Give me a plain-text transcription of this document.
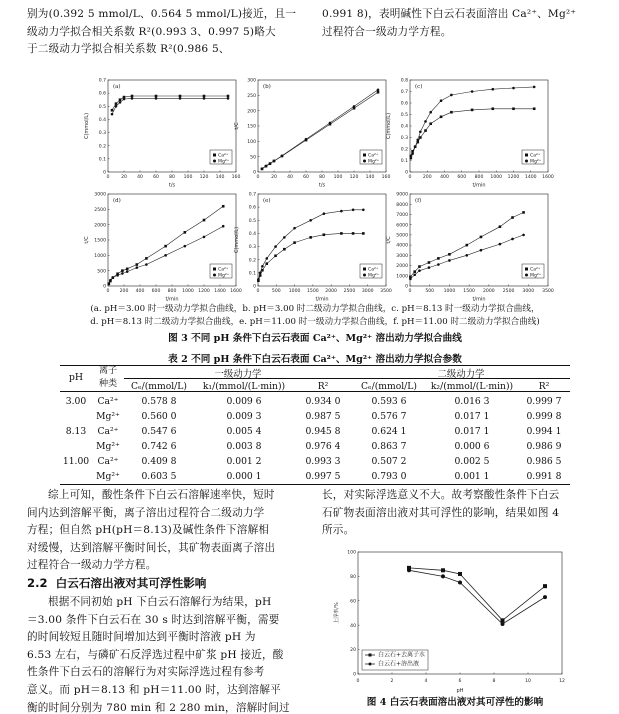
别为(0.392 5 mmol/L、0.564 5 mmol/L)接近，且一

级动力学拟合相关系数 R²(0.993 3、0.997 5)略大

于二级动力学拟合相关系数 R²(0.986 5、

0.991 8)，表明碱性下白云石表面溶出 Ca²⁺、Mg²⁺

过程符合一级动力学方程。

0	20 40 60 80 100 120 140 160
0
0.1
0.2
0.3
0.4
0.5
0.6
0.7
t/s
C(mmol/L)
(a)
Ca²⁺
Mg²⁺
0	20 40 60 80 100 120 140 160
0
50
100
150
200
250
300
t/s
t/C
(b)
Ca²⁺
Mg²⁺
0 200 400 600 800 1000 1200 1400 1600
0
0.1
0.2
0.3
0.4
0.5
0.6
0.7
0.8
t/min
C(mmol/L)
(c)
Ca²⁺
Mg²⁺
0 200 400 600 800 1000 1200 1400 1600
0
500
1000
1500
2000
2500
3000
t/min
t/C
(d)
Ca²⁺
Mg²⁺
0	500 1000 1500 2000 2500 3000 3500
0
0.1
0.2
0.3
0.4
0.5
0.6
0.7
t/min
C(mmol/L)
(e)
Ca²⁺
Mg²⁺
0	500 1000 1500 2000 2500 3000 3500
0
1000
2000
3000
4000
5000
6000
7000
8000
9000
t/min
t/C
(f)
Ca²⁺
Mg²⁺
(a. pH＝3.00 时一级动力学拟合曲线，b. pH＝3.00 时二级动力学拟合曲线，c. pH＝8.13 时一级动力学拟合曲线，
d. pH＝8.13 时二级动力学拟合曲线，e. pH＝11.00 时一级动力学拟合曲线，f. pH＝11.00 时二级动力学拟合曲线)
图 3 不同 pH 条件下白云石表面 Ca²⁺、Mg²⁺ 溶出动力学拟合曲线
表 2 不同 pH 条件下白云石表面 Ca²⁺、Mg²⁺ 溶出动力学拟合参数
pH
离子
种类
一级动力学	二级动力学
		Cₑ/(mmol/L)	k₁/(mmol/(L·min))	R²	Cₑ/(mmol/L)	k₂/(mmol/(L·min))	R²
3.00	Ca²⁺	0.578 8	0.009 6	0.934 0	0.593 6	0.016 3	0.999 7
	Mg²⁺	0.560 0	0.009 3	0.987 5	0.576 7	0.017 1	0.999 8
8.13	Ca²⁺	0.547 6	0.005 4	0.945 8	0.624 1	0.017 1	0.994 1
	Mg²⁺	0.742 6	0.003 8	0.976 4	0.863 7	0.000 6	0.986 9
11.00	Ca²⁺	0.409 8	0.001 2	0.993 3	0.507 2	0.002 5	0.986 5
	Mg²⁺	0.603 5	0.000 1	0.997 5	0.793 0	0.001 1	0.991 8

综上可知，酸性条件下白云石溶解速率快，短时

间内达到溶解平衡，离子溶出过程符合二级动力学

方程；但自然 pH(pH＝8.13)及碱性条件下溶解相

对缓慢，达到溶解平衡时间长，其矿物表面离子溶出

过程符合一级动力学方程。

2.2 白云石溶出液对其可浮性影响

根据不同初始 pH 下白云石溶解行为结果，pH

＝3.00 条件下白云石在 30 s 时达到溶解平衡，需要

的时间较短且随时间增加达到平衡时溶液 pH 为

6.53 左右，与磷矿石反浮选过程中矿浆 pH 接近，酸

性条件下白云石的溶解行为对实际浮选过程有参考

意义。而 pH＝8.13 和 pH＝11.00 时，达到溶解平

衡的时间分别为 780 min 和 2 280 min，溶解时间过

长，对实际浮选意义不大。故考察酸性条件下白云

石矿物表面溶出液对其可浮性的影响，结果如图 4

所示。

0	2	4	6	8	10	12
0
20
40
60
80
100
pH
上浮率/%
白云石+去离子水
白云石+溶出液
图 4 白云石表面溶出液对其可浮性的影响
